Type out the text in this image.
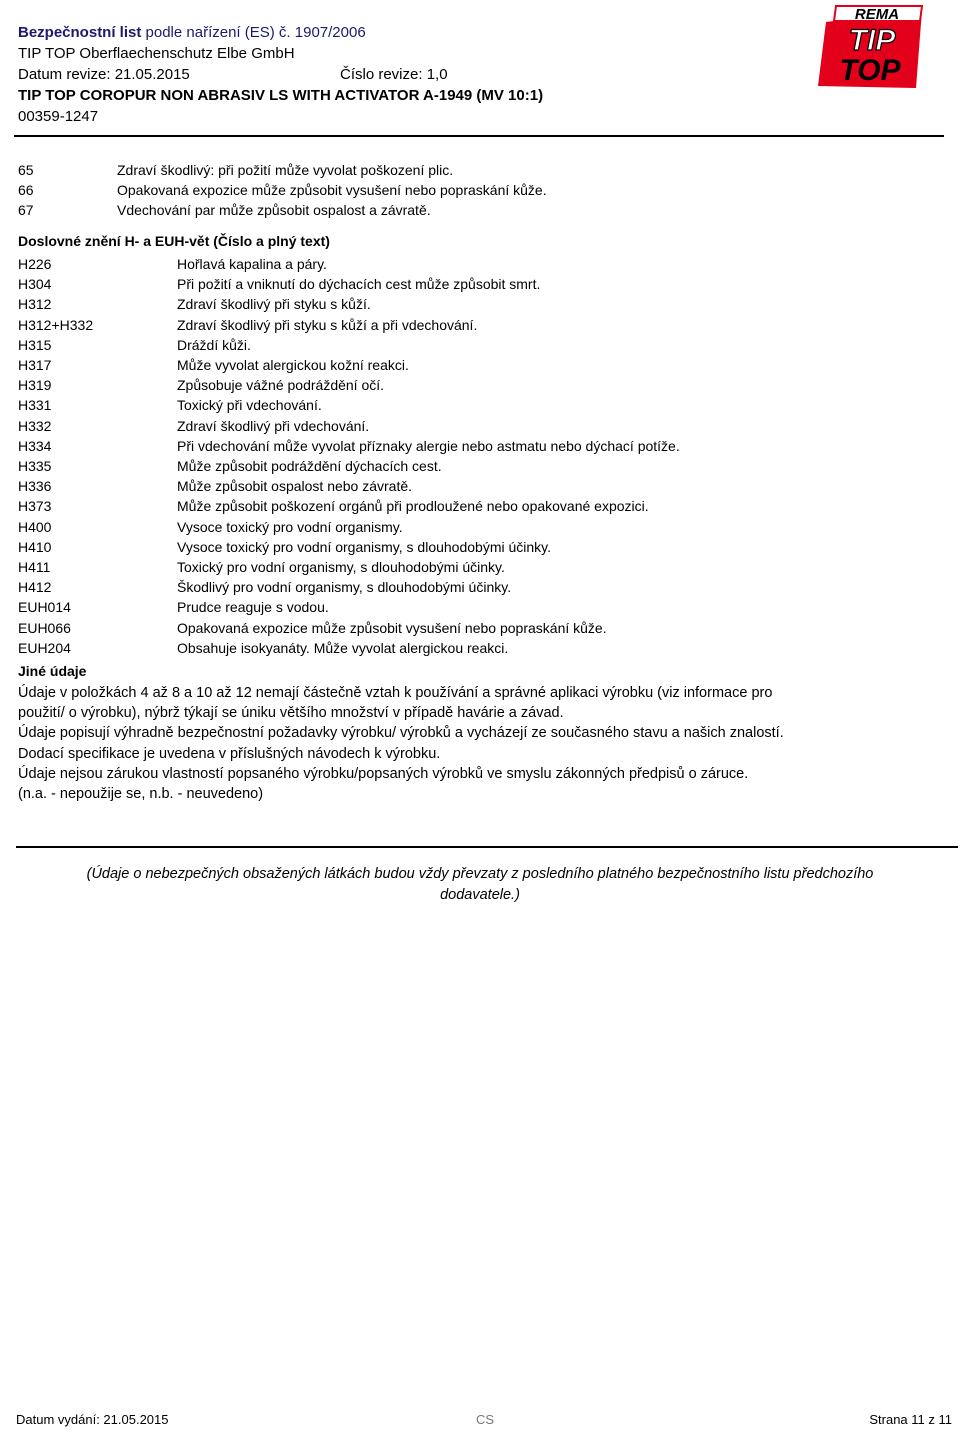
Bezpečnostní list podle nařízení (ES) č. 1907/2006
TIP TOP Oberflaechenschutz Elbe GmbH
Datum revize: 21.05.2015	Číslo revize: 1,0
TIP TOP COROPUR NON ABRASIV LS WITH ACTIVATOR A-1949 (MV 10:1)
00359-1247
REMA
TIP
TOP
65	Zdraví škodlivý: při požití může vyvolat poškození plic.
66	Opakovaná expozice může způsobit vysušení nebo popraskání kůže.
67	Vdechování par může způsobit ospalost a závratě.
Doslovné znění H- a EUH-vět (Číslo a plný text)
H226	Hořlavá kapalina a páry.
H304	Při požití a vniknutí do dýchacích cest může způsobit smrt.
H312	Zdraví škodlivý při styku s kůží.
H312+H332	Zdraví škodlivý při styku s kůží a při vdechování.
H315	Dráždí kůži.
H317	Může vyvolat alergickou kožní reakci.
H319	Způsobuje vážné podráždění očí.
H331	Toxický při vdechování.
H332	Zdraví škodlivý při vdechování.
H334	Při vdechování může vyvolat příznaky alergie nebo astmatu nebo dýchací potíže.
H335	Může způsobit podráždění dýchacích cest.
H336	Může způsobit ospalost nebo závratě.
H373	Může způsobit poškození orgánů při prodloužené nebo opakované expozici.
H400	Vysoce toxický pro vodní organismy.
H410	Vysoce toxický pro vodní organismy, s dlouhodobými účinky.
H411	Toxický pro vodní organismy, s dlouhodobými účinky.
H412	Škodlivý pro vodní organismy, s dlouhodobými účinky.
EUH014	Prudce reaguje s vodou.
EUH066	Opakovaná expozice může způsobit vysušení nebo popraskání kůže.
EUH204	Obsahuje isokyanáty. Může vyvolat alergickou reakci.
Jiné údaje

Údaje v položkách 4 až 8 a 10 až 12 nemají částečně vztah k používání a správné aplikaci výrobku (viz informace pro použití/ o výrobku), nýbrž týkají se úniku většího množství v případě havárie a závad.

Údaje popisují výhradně bezpečnostní požadavky výrobku/ výrobků a vycházejí ze současného stavu a našich znalostí.

Dodací specifikace je uvedena v příslušných návodech k výrobku.

Údaje nejsou zárukou vlastností popsaného výrobku/popsaných výrobků ve smyslu zákonných předpisů o záruce.

(n.a. - nepoužije se, n.b. - neuvedeno)

(Údaje o nebezpečných obsažených látkách budou vždy převzaty z posledního platného bezpečnostního listu předchozího dodavatele.)
Datum vydání: 21.05.2015	CS	Strana 11 z 11
